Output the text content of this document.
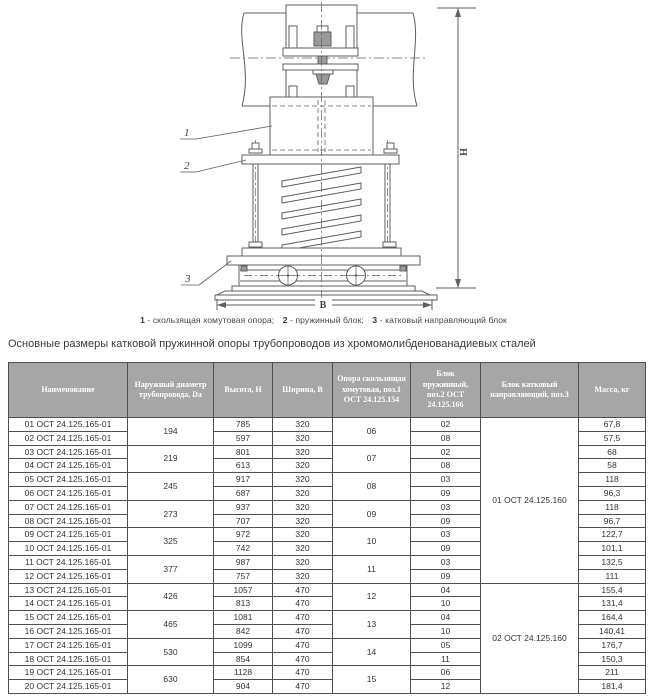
Н
В
1
2
3
1 - скользящая хомутовая опора; 2 - пружинный блок; 3 - катковый направляющий блок
Основные размеры катковой пружинной опоры трубопроводов из хромомолибденованадиевых сталей
Наименование	Наружный диаметр трубопровода, Da	Высота, Н	Ширина, В	Опора скользящая хомутовая, поз.1 ОСТ 24.125.154	Блок пружинный, поз.2 ОСТ 24.125.166	Блок катковый направляющий, поз.3	Масса, кг
01 ОСТ 24.125.165-01	194	785	320	06	02	01 ОСТ 24.125.160	67,8
02 ОСТ 24.125.165-01		597	320		08		57,5
03 ОСТ 24.125.165-01	219	801	320	07	02		68
04 ОСТ 24.125.165-01		613	320		08		58
05 ОСТ 24.125.165-01	245	917	320	08	03		118
06 ОСТ 24.125.165-01		687	320		09		96,3
07 ОСТ 24.125.165-01	273	937	320	09	03		118
08 ОСТ 24.125.165-01		707	320		09		96,7
09 ОСТ 24.125.165-01	325	972	320	10	03		122,7
10 ОСТ 24.125.165-01		742	320		09		101,1
11 ОСТ 24.125.165-01	377	987	320	11	03		132,5
12 ОСТ 24.125.165-01		757	320		09		111
13 ОСТ 24.125.165-01	426	1057	470	12	04	02 ОСТ 24.125.160	155,4
14 ОСТ 24.125.165-01		813	470		10		131,4
15 ОСТ 24.125.165-01	465	1081	470	13	04		164,4
16 ОСТ 24.125.165-01		842	470		10		140,41
17 ОСТ 24.125.165-01	530	1099	470	14	05		176,7
18 ОСТ 24.125.165-01		854	470		11		150,3
19 ОСТ 24.125.165-01	630	1128	470	15	06		211
20 ОСТ 24.125.165-01		904	470		12		181,4
